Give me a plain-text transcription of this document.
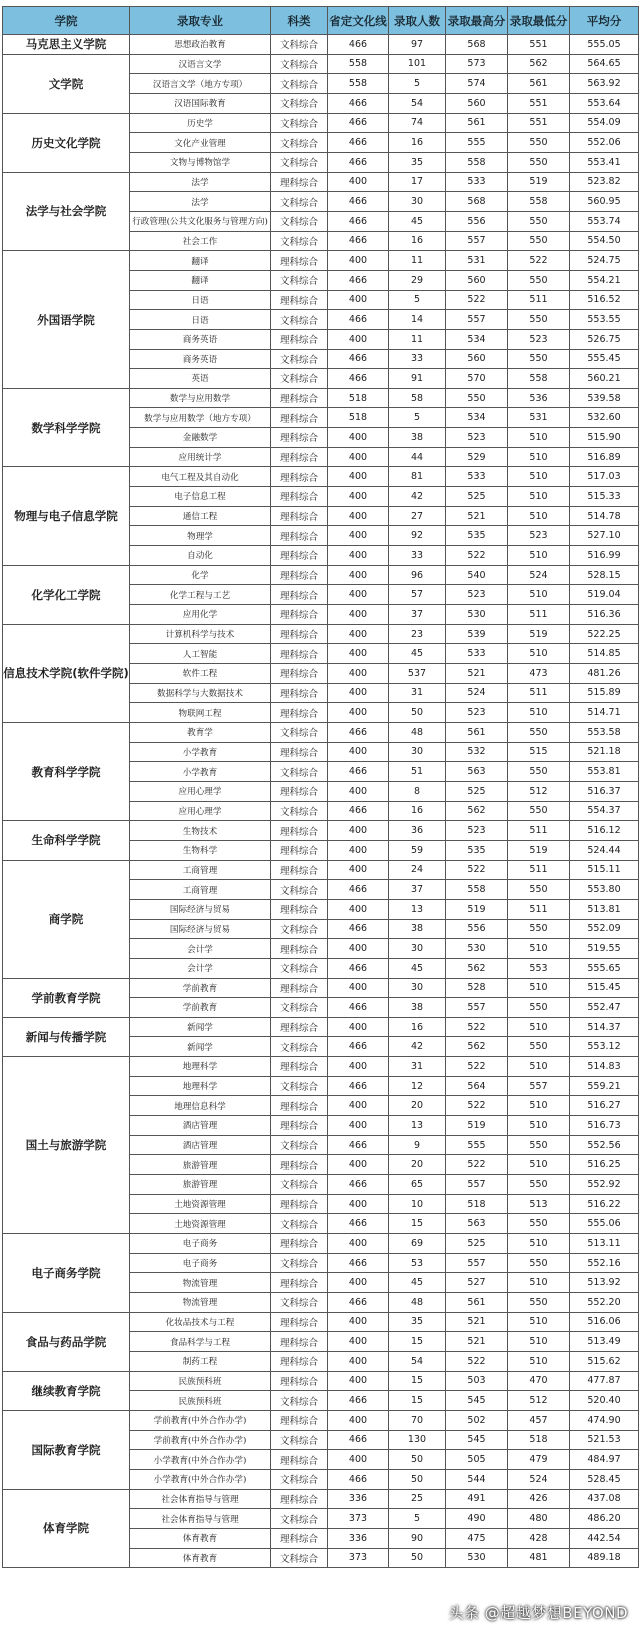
学院	录取专业	科类	省定文化线	录取人数	录取最高分	录取最低分	平均分
马克思主义学院	思想政治教育	文科综合	466	97	568	551	555.05
文学院	汉语言文学	文科综合	558	101	573	562	564.65
	汉语言文学（地方专项）	文科综合	558	5	574	561	563.92
	汉语国际教育	文科综合	466	54	560	551	553.64
历史文化学院	历史学	文科综合	466	74	561	551	554.09
	文化产业管理	文科综合	466	16	555	550	552.06
	文物与博物馆学	文科综合	466	35	558	550	553.41
法学与社会学院	法学	理科综合	400	17	533	519	523.82
	法学	文科综合	466	30	568	558	560.95
	行政管理(公共文化服务与管理方向)	文科综合	466	45	556	550	553.74
	社会工作	文科综合	466	16	557	550	554.50
外国语学院	翻译	理科综合	400	11	531	522	524.75
	翻译	文科综合	466	29	560	550	554.21
	日语	理科综合	400	5	522	511	516.52
	日语	文科综合	466	14	557	550	553.55
	商务英语	理科综合	400	11	534	523	526.75
	商务英语	文科综合	466	33	560	550	555.45
	英语	文科综合	466	91	570	558	560.21
数学科学学院	数学与应用数学	理科综合	518	58	550	536	539.58
	数学与应用数学（地方专项）	理科综合	518	5	534	531	532.60
	金融数学	理科综合	400	38	523	510	515.90
	应用统计学	理科综合	400	44	529	510	516.89
物理与电子信息学院	电气工程及其自动化	理科综合	400	81	533	510	517.03
	电子信息工程	理科综合	400	42	525	510	515.33
	通信工程	理科综合	400	27	521	510	514.78
	物理学	理科综合	400	92	535	523	527.10
	自动化	理科综合	400	33	522	510	516.99
化学化工学院	化学	理科综合	400	96	540	524	528.15
	化学工程与工艺	理科综合	400	57	523	510	519.04
	应用化学	理科综合	400	37	530	511	516.36
信息技术学院(软件学院)	计算机科学与技术	理科综合	400	23	539	519	522.25
	人工智能	理科综合	400	45	533	510	514.85
	软件工程	理科综合	400	537	521	473	481.26
	数据科学与大数据技术	理科综合	400	31	524	511	515.89
	物联网工程	理科综合	400	50	523	510	514.71
教育科学学院	教育学	文科综合	466	48	561	550	553.58
	小学教育	理科综合	400	30	532	515	521.18
	小学教育	文科综合	466	51	563	550	553.81
	应用心理学	理科综合	400	8	525	512	516.37
	应用心理学	文科综合	466	16	562	550	554.37
生命科学学院	生物技术	理科综合	400	36	523	511	516.12
	生物科学	理科综合	400	59	535	519	524.44
商学院	工商管理	理科综合	400	24	522	511	515.11
	工商管理	文科综合	466	37	558	550	553.80
	国际经济与贸易	理科综合	400	13	519	511	513.81
	国际经济与贸易	文科综合	466	38	556	550	552.09
	会计学	理科综合	400	30	530	510	519.55
	会计学	文科综合	466	45	562	553	555.65
学前教育学院	学前教育	理科综合	400	30	528	510	515.45
	学前教育	文科综合	466	38	557	550	552.47
新闻与传播学院	新闻学	理科综合	400	16	522	510	514.37
	新闻学	文科综合	466	42	562	550	553.12
国土与旅游学院	地理科学	理科综合	400	31	522	510	514.83
	地理科学	文科综合	466	12	564	557	559.21
	地理信息科学	理科综合	400	20	522	510	516.27
	酒店管理	理科综合	400	13	519	510	516.73
	酒店管理	文科综合	466	9	555	550	552.56
	旅游管理	理科综合	400	20	522	510	516.25
	旅游管理	文科综合	466	65	557	550	552.92
	土地资源管理	理科综合	400	10	518	513	516.22
	土地资源管理	文科综合	466	15	563	550	555.06
电子商务学院	电子商务	理科综合	400	69	525	510	513.11
	电子商务	文科综合	466	53	557	550	552.16
	物流管理	理科综合	400	45	527	510	513.92
	物流管理	文科综合	466	48	561	550	552.20
食品与药品学院	化妆品技术与工程	理科综合	400	35	521	510	516.06
	食品科学与工程	理科综合	400	15	521	510	513.49
	制药工程	理科综合	400	54	522	510	515.62
继续教育学院	民族预科班	理科综合	400	15	503	470	477.87
	民族预科班	文科综合	466	15	545	512	520.40
国际教育学院	学前教育(中外合作办学)	理科综合	400	70	502	457	474.90
	学前教育(中外合作办学)	文科综合	466	130	545	518	521.53
	小学教育(中外合作办学)	理科综合	400	50	505	479	484.97
	小学教育(中外合作办学)	文科综合	466	50	544	524	528.45
体育学院	社会体育指导与管理	理科综合	336	25	491	426	437.08
	社会体育指导与管理	文科综合	373	5	490	480	486.20
	体育教育	理科综合	336	90	475	428	442.54
	体育教育	文科综合	373	50	530	481	489.18
头条 @超越梦想BEYOND
